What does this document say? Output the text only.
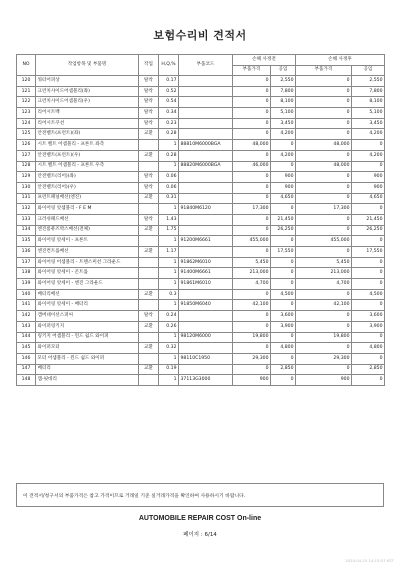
보험수리비 견적서
NO	작업항목 및 부품명	작업	H,Q,%	부품코드	손해 사정전		손해 사정후	
					부품가격	공임	부품가격	공임
120	쿼터어퍼상	탈착	0.17		0	2,550	0	2,550
121	크런치사이드어셈블리(좌)	탈착	0.52		0	7,800	0	7,800
122	크런치사이드어셈블리(우)	탈착	0.54		0	8,100	0	8,100
123	리어시트백	탈착	0.34		0	5,100	0	5,100
124	리어시트쿠션	탈착	0.23		0	3,450	0	3,450
125	안전벨트(프런트)(좌)	교환	0.28		0	4,200	0	4,200
126	시트 벨트 어셈블리 - 프론트 좌측		1	88810M6000BGA	48,000	0	48,000	0
127	안전벨트(프런트)(우)	교환	0.28		0	4,200	0	4,200
128	시트 벨트 어셈블리 - 프론트 우측		1	88820M6000BGA	46,000	0	48,000	0
129	안전벨트(리어)(좌)	탈착	0.06		0	900	0	900
130	안전벨트(리어)(우)	탈착	0.06		0	900	0	900
131	프런트패널배선(엔진)	교환	0.31		0	4,650	0	4,650
132	와이어링 앗셈블리 - F E M		1	91840M6120	17,300	0	17,300	0
133	크러쉬패드배선	탈착	1.43		0	21,450	0	21,450
134	엔진룸퓨즈박스배선(전체)	교환	1.75		0	26,250	0	26,250
135	와이어링 앗세이 - 프론트		1	91200M6661	455,000	0	455,000	0
136	엔진컨트롤배선	교환	1.17		0	17,550	0	17,550
137	와이어링 어셈블리 - 트랜스미션 그라운드		1	91862M6010	5,450	0	5,450	0
138	와이어링 앗세이 - 콘트롤		1	91400M6661	213,000	0	213,000	0
139	와이어링 앗세이 - 엔진 그라운드		1	91861M6010	4,700	0	4,700	0
140	배터리배선	교환	0.3		0	4,500	0	4,500
141	와이어링 앗세이 - 배터리		1	91850M6040	42,100	0	42,100	0
142	캠버네이선스퍼씨	탈착	0.24		0	3,600	0	3,600
143	와이퍼링키지	교환	0.26		0	3,900	0	3,900
144	링키지 어셈블리 - 윈드 쉴드 와이퍼		1	98120M6000	19,800	0	19,800	0
145	와이퍼모터	교환	0.32		0	4,800	0	4,800
146	모터 어셈블리 - 윈드 쉴드 와이퍼		1	98110C1950	29,300	0	29,300	0
147	배터리	교환	0.19		0	2,850	0	2,850
148	캡-핏데리		1	37113G3000	900	0	900	0
이 견적서/청구서의 부품가격은 참고 가격이므로 거래일 기준 실거래가격을 확인하여 사용하시기 바랍니다.
AUTOMOBILE REPAIR COST On-line
페이지 : 6/14
2024-04-15 14:13:57 KST
